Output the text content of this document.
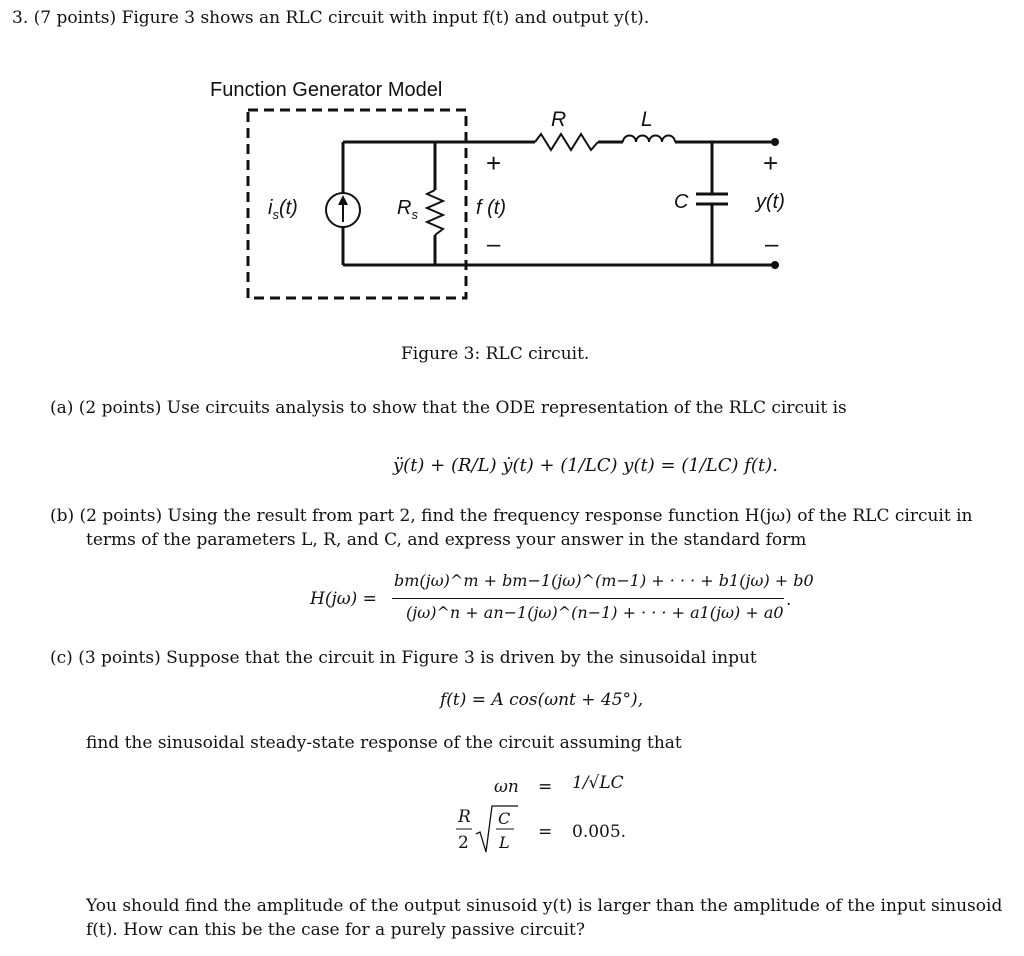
3. (7 points) Figure 3 shows an RLC circuit with input f(t) and output y(t).
Function Generator Model
$i_s(t)$	$R_s$	f (t)
+
–
R	L
C
+
y(t)
–
Figure 3: RLC circuit.
(a) (2 points) Use circuits analysis to show that the ODE representation of the RLC circuit is
ÿ(t) + (R/L) ẏ(t) + (1/LC) y(t) = (1/LC) f(t).
(b) (2 points) Using the result from part 2, find the frequency response function H(jω) of the RLC circuit in
terms of the parameters L, R, and C, and express your answer in the standard form
H(jω) =
bm(jω)^m + bm−1(jω)^(m−1) + · · · + b1(jω) + b0
(jω)^n + an−1(jω)^(n−1) + · · · + a1(jω) + a0
.
(c) (3 points) Suppose that the circuit in Figure 3 is driven by the sinusoidal input
f(t) = A cos(ωnt + 45°),
find the sinusoidal steady-state response of the circuit assuming that
ωn = 1/√LC
R
2
C
L
= 0.005.
You should find the amplitude of the output sinusoid y(t) is larger than the amplitude of the input sinusoid
f(t). How can this be the case for a purely passive circuit?
